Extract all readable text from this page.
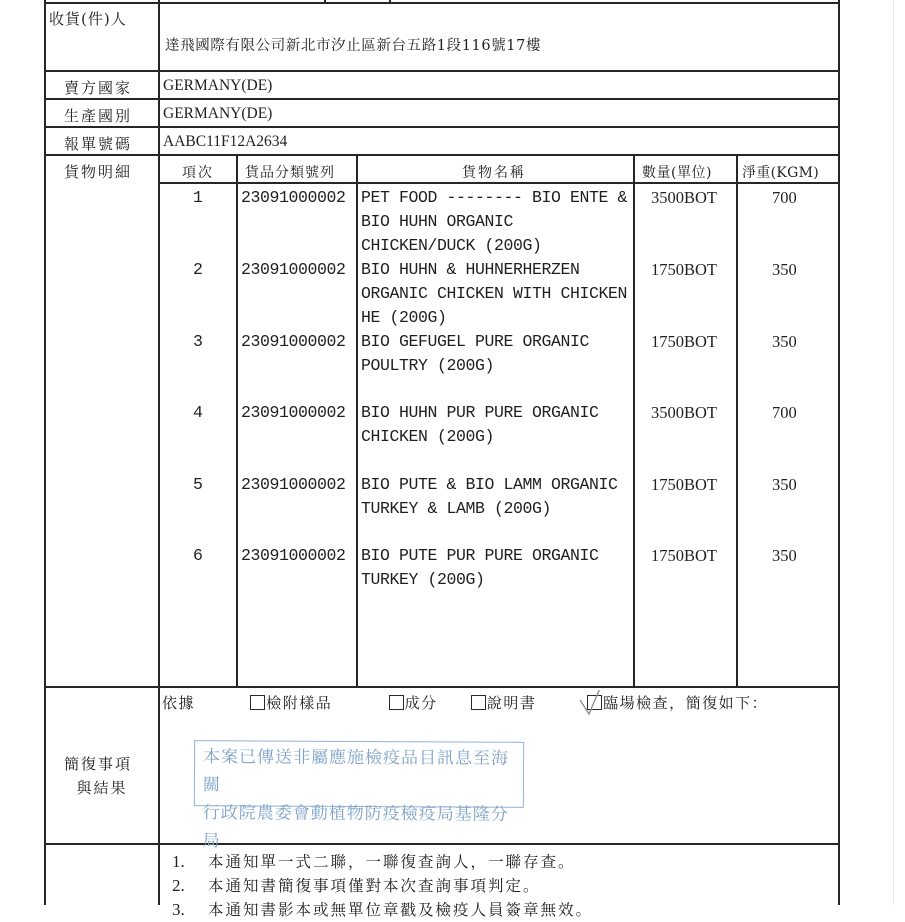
收貨(件)人
達飛國際有限公司新北市汐止區新台五路1段116號17樓
賣方國家 GERMANY(DE)
生產國別 GERMANY(DE)
報單號碼 AABC11F12A2634
貨物明細	項次 貨品分類號列	貨物名稱	數量(單位) 淨重(KGM)
1 23091000002 PET FOOD -------- BIO ENTE &
BIO HUHN ORGANIC
CHICKEN/DUCK (200G)
3500BOT	700
2 23091000002 BIO HUHN & HUHNERHERZEN
ORGANIC CHICKEN WITH CHICKEN
HE (200G)
1750BOT	350
3 23091000002 BIO GEFUGEL PURE ORGANIC
POULTRY (200G)
1750BOT	350
4 23091000002 BIO HUHN PUR PURE ORGANIC
CHICKEN (200G)
3500BOT	700
5 23091000002 BIO PUTE & BIO LAMM ORGANIC
TURKEY & LAMB (200G)
1750BOT	350
6 23091000002 BIO PUTE PUR PURE ORGANIC
TURKEY (200G)
1750BOT	350
簡復事項
與結果
依據	檢附樣品	成分	說明書	臨場檢查，簡復如下：
本案已傳送非屬應施檢疫品目訊息至海關
行政院農委會動植物防疫檢疫局基隆分局
1. 本通知單一式二聯，一聯復查詢人，一聯存查。
2. 本通知書簡復事項僅對本次查詢事項判定。
3. 本通知書影本或無單位章戳及檢疫人員簽章無效。
